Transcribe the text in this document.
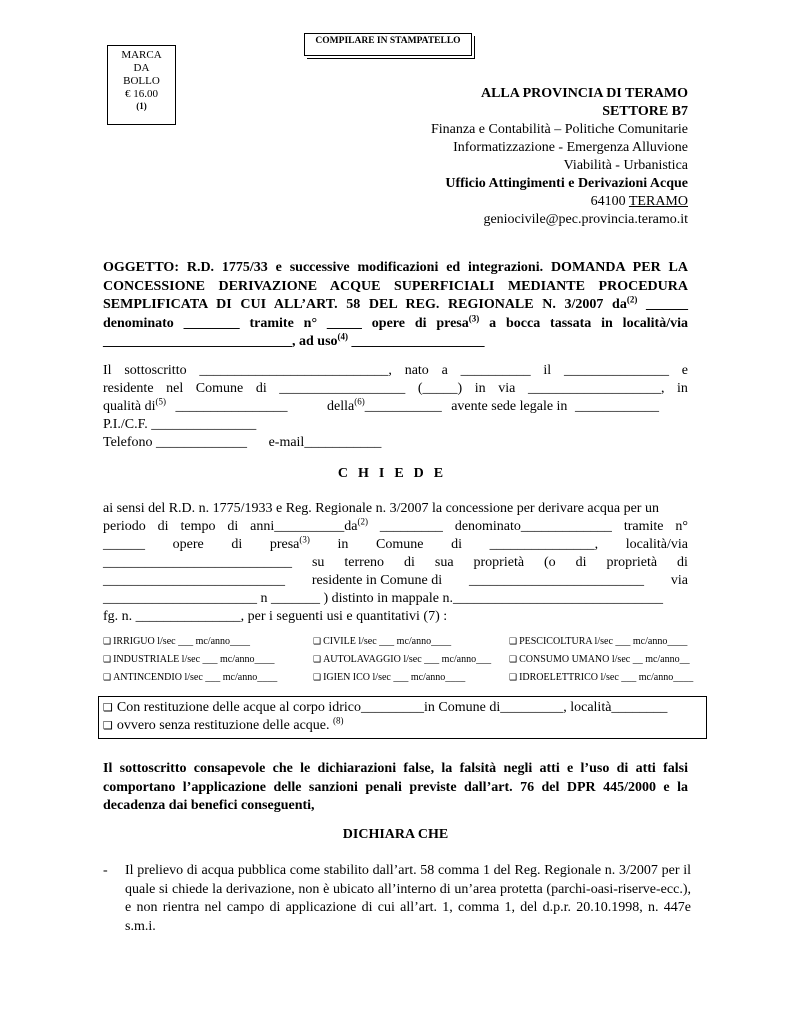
MARCA
DA
BOLLO
€ 16.00
(1)
COMPILARE IN STAMPATELLO
ALLA PROVINCIA DI TERAMO
SETTORE B7
Finanza e Contabilità – Politiche Comunitarie
Informatizzazione - Emergenza Alluvione
Viabilità - Urbanistica
Ufficio Attingimenti e Derivazioni Acque
64100 TERAMO
geniocivile@pec.provincia.teramo.it
OGGETTO: R.D. 1775/33 e successive modificazioni ed integrazioni. DOMANDA PER LA CONCESSIONE DERIVAZIONE ACQUE SUPERFICIALI MEDIANTE PROCEDURA SEMPLIFICATA DI CUI ALL’ART. 58 DEL REG. REGIONALE N. 3/2007 $da^{(2)}$ ______ denominato ________ tramite n° _____ opere di presa$^{(3)}$ a bocca tassata in località/via ___________________________, ad uso$^{(4)}$ ___________________
Il sottoscritto ___________________________, nato a __________ il _______________ e
residente nel Comune di __________________ (_____) in via ___________________, in
qualità $di^{(5)}$ ________________	della$^{(6)}$___________ avente sede legale in ____________
P.I./C.F. _______________
Telefono _____________ e-mail___________
CHIEDE
ai sensi del R.D. n. 1775/1933 e Reg. Regionale n. 3/2007 la concessione per derivare acqua per un
periodo di tempo di $anni\_\_\_\_\_\_\_\_\_\_da^{(2)}$ _________ denominato_____________ tramite n°
______ opere di presa$^{(3)}$ in Comune di _______________, località/via
___________________________ su terreno di sua proprietà (o di proprietà di
__________________________ residente in Comune di _________________________ via
______________________ n _______ ) distinto in mappale n.______________________________
fg. n. _______________, per i seguenti usi e quantitativi (7) :
❑ IRRIGUO l/sec ___ mc/anno____	❑ CIVILE l/sec ___ mc/anno____	❑ PESCICOLTURA l/sec ___ mc/anno____
❑ INDUSTRIALE l/sec ___ mc/anno____	❑ AUTOLAVAGGIO l/sec ___ mc/anno___	❑ CONSUMO UMANO l/sec __ mc/anno__
❑ ANTINCENDIO l/sec ___ mc/anno____	❑ IGIEN ICO l/sec ___ mc/anno____	❑ IDROELETTRICO l/sec ___ mc/anno____
❑ Con restituzione delle acque al corpo idrico_________in Comune di_________, località________
❑ ovvero senza restituzione delle acque. $^{(8)}$
Il sottoscritto consapevole che le dichiarazioni false, la falsità negli atti e l’uso di atti falsi comportano l’applicazione delle sanzioni penali previste dall’art. 76 del DPR 445/2000 e la decadenza dai benefici conseguenti,
DICHIARA CHE
- Il prelievo di acqua pubblica come stabilito dall’art. 58 comma 1 del Reg. Regionale n. 3/2007 per il quale si chiede la derivazione, non è ubicato all’interno di un’area protetta (parchi-oasi-riserve-ecc.), e non rientra nel campo di applicazione di cui all’art. 1, comma 1, del d.p.r. 20.10.1998, n. 447e s.m.i.
